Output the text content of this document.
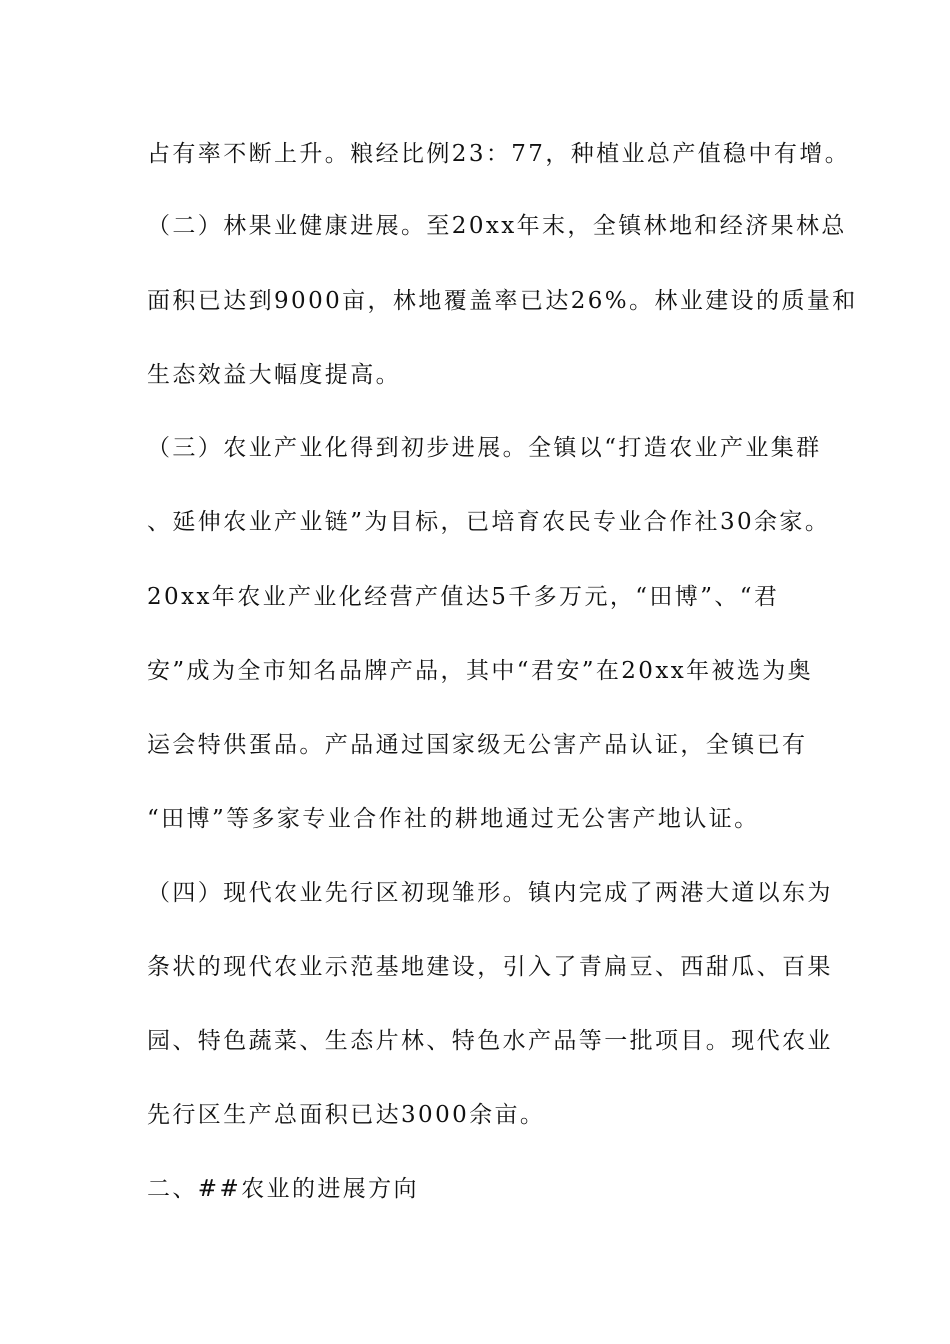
占有率不断上升。粮经比例23：77，种植业总产值稳中有增。
（二）林果业健康进展。至20xx年末，全镇林地和经济果林总
面积已达到9000亩，林地覆盖率已达26%。林业建设的质量和
生态效益大幅度提高。
（三）农业产业化得到初步进展。全镇以“打造农业产业集群
、延伸农业产业链”为目标，已培育农民专业合作社30余家。
20xx年农业产业化经营产值达5千多万元，“田博”、“君
安”成为全市知名品牌产品，其中“君安”在20xx年被选为奥
运会特供蛋品。产品通过国家级无公害产品认证，全镇已有
“田博”等多家专业合作社的耕地通过无公害产地认证。
（四）现代农业先行区初现雏形。镇内完成了两港大道以东为
条状的现代农业示范基地建设，引入了青扁豆、西甜瓜、百果
园、特色蔬菜、生态片林、特色水产品等一批项目。现代农业
先行区生产总面积已达3000余亩。
二、##农业的进展方向
